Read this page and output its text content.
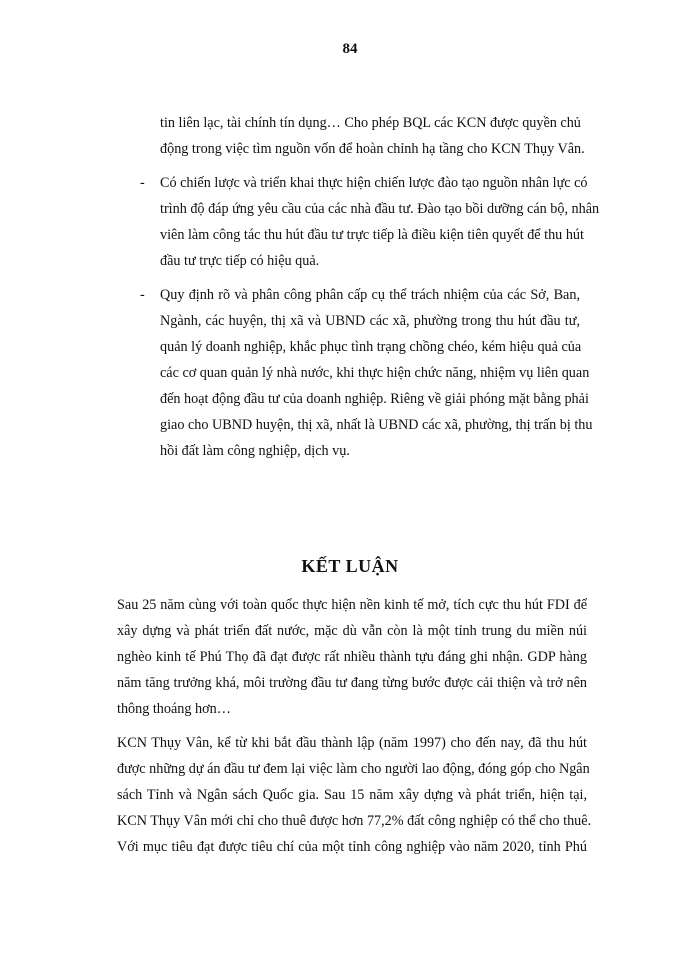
84
tin liên lạc, tài chính tín dụng… Cho phép BQL các KCN được quyền chủ
động trong việc tìm nguồn vốn để hoàn chỉnh hạ tầng cho KCN Thụy Vân.
-	Có chiến lược và triển khai thực hiện chiến lược đào tạo nguồn nhân lực có
trình độ đáp ứng yêu cầu của các nhà đầu tư. Đào tạo bồi dưỡng cán bộ, nhân
viên làm công tác thu hút đầu tư trực tiếp là điều kiện tiên quyết để thu hút
đầu tư trực tiếp có hiệu quả.
-	Quy định rõ và phân công phân cấp cụ thể trách nhiệm của các Sở, Ban,
Ngành, các huyện, thị xã và UBND các xã, phường trong thu hút đầu tư,
quản lý doanh nghiệp, khắc phục tình trạng chồng chéo, kém hiệu quả của
các cơ quan quản lý nhà nước, khi thực hiện chức năng, nhiệm vụ liên quan
đến hoạt động đầu tư của doanh nghiệp. Riêng về giải phóng mặt bằng phải
giao cho UBND huyện, thị xã, nhất là UBND các xã, phường, thị trấn bị thu
hồi đất làm công nghiệp, dịch vụ.
KẾT LUẬN
Sau 25 năm cùng với toàn quốc thực hiện nền kinh tế mở, tích cực thu hút FDI để
xây dựng và phát triển đất nước, mặc dù vẫn còn là một tỉnh trung du miền núi
nghèo kinh tế Phú Thọ đã đạt được rất nhiều thành tựu đáng ghi nhận. GDP hàng
năm tăng trưởng khá, môi trường đầu tư đang từng bước được cải thiện và trở nên
thông thoáng hơn…
KCN Thụy Vân, kể từ khi bắt đầu thành lập (năm 1997) cho đến nay, đã thu hút
được những dự án đầu tư đem lại việc làm cho người lao động, đóng góp cho Ngân
sách Tỉnh và Ngân sách Quốc gia. Sau 15 năm xây dựng và phát triển, hiện tại,
KCN Thụy Vân mới chỉ cho thuê được hơn 77,2% đất công nghiệp có thể cho thuê.
Với mục tiêu đạt được tiêu chí của một tỉnh công nghiệp vào năm 2020, tỉnh Phú
